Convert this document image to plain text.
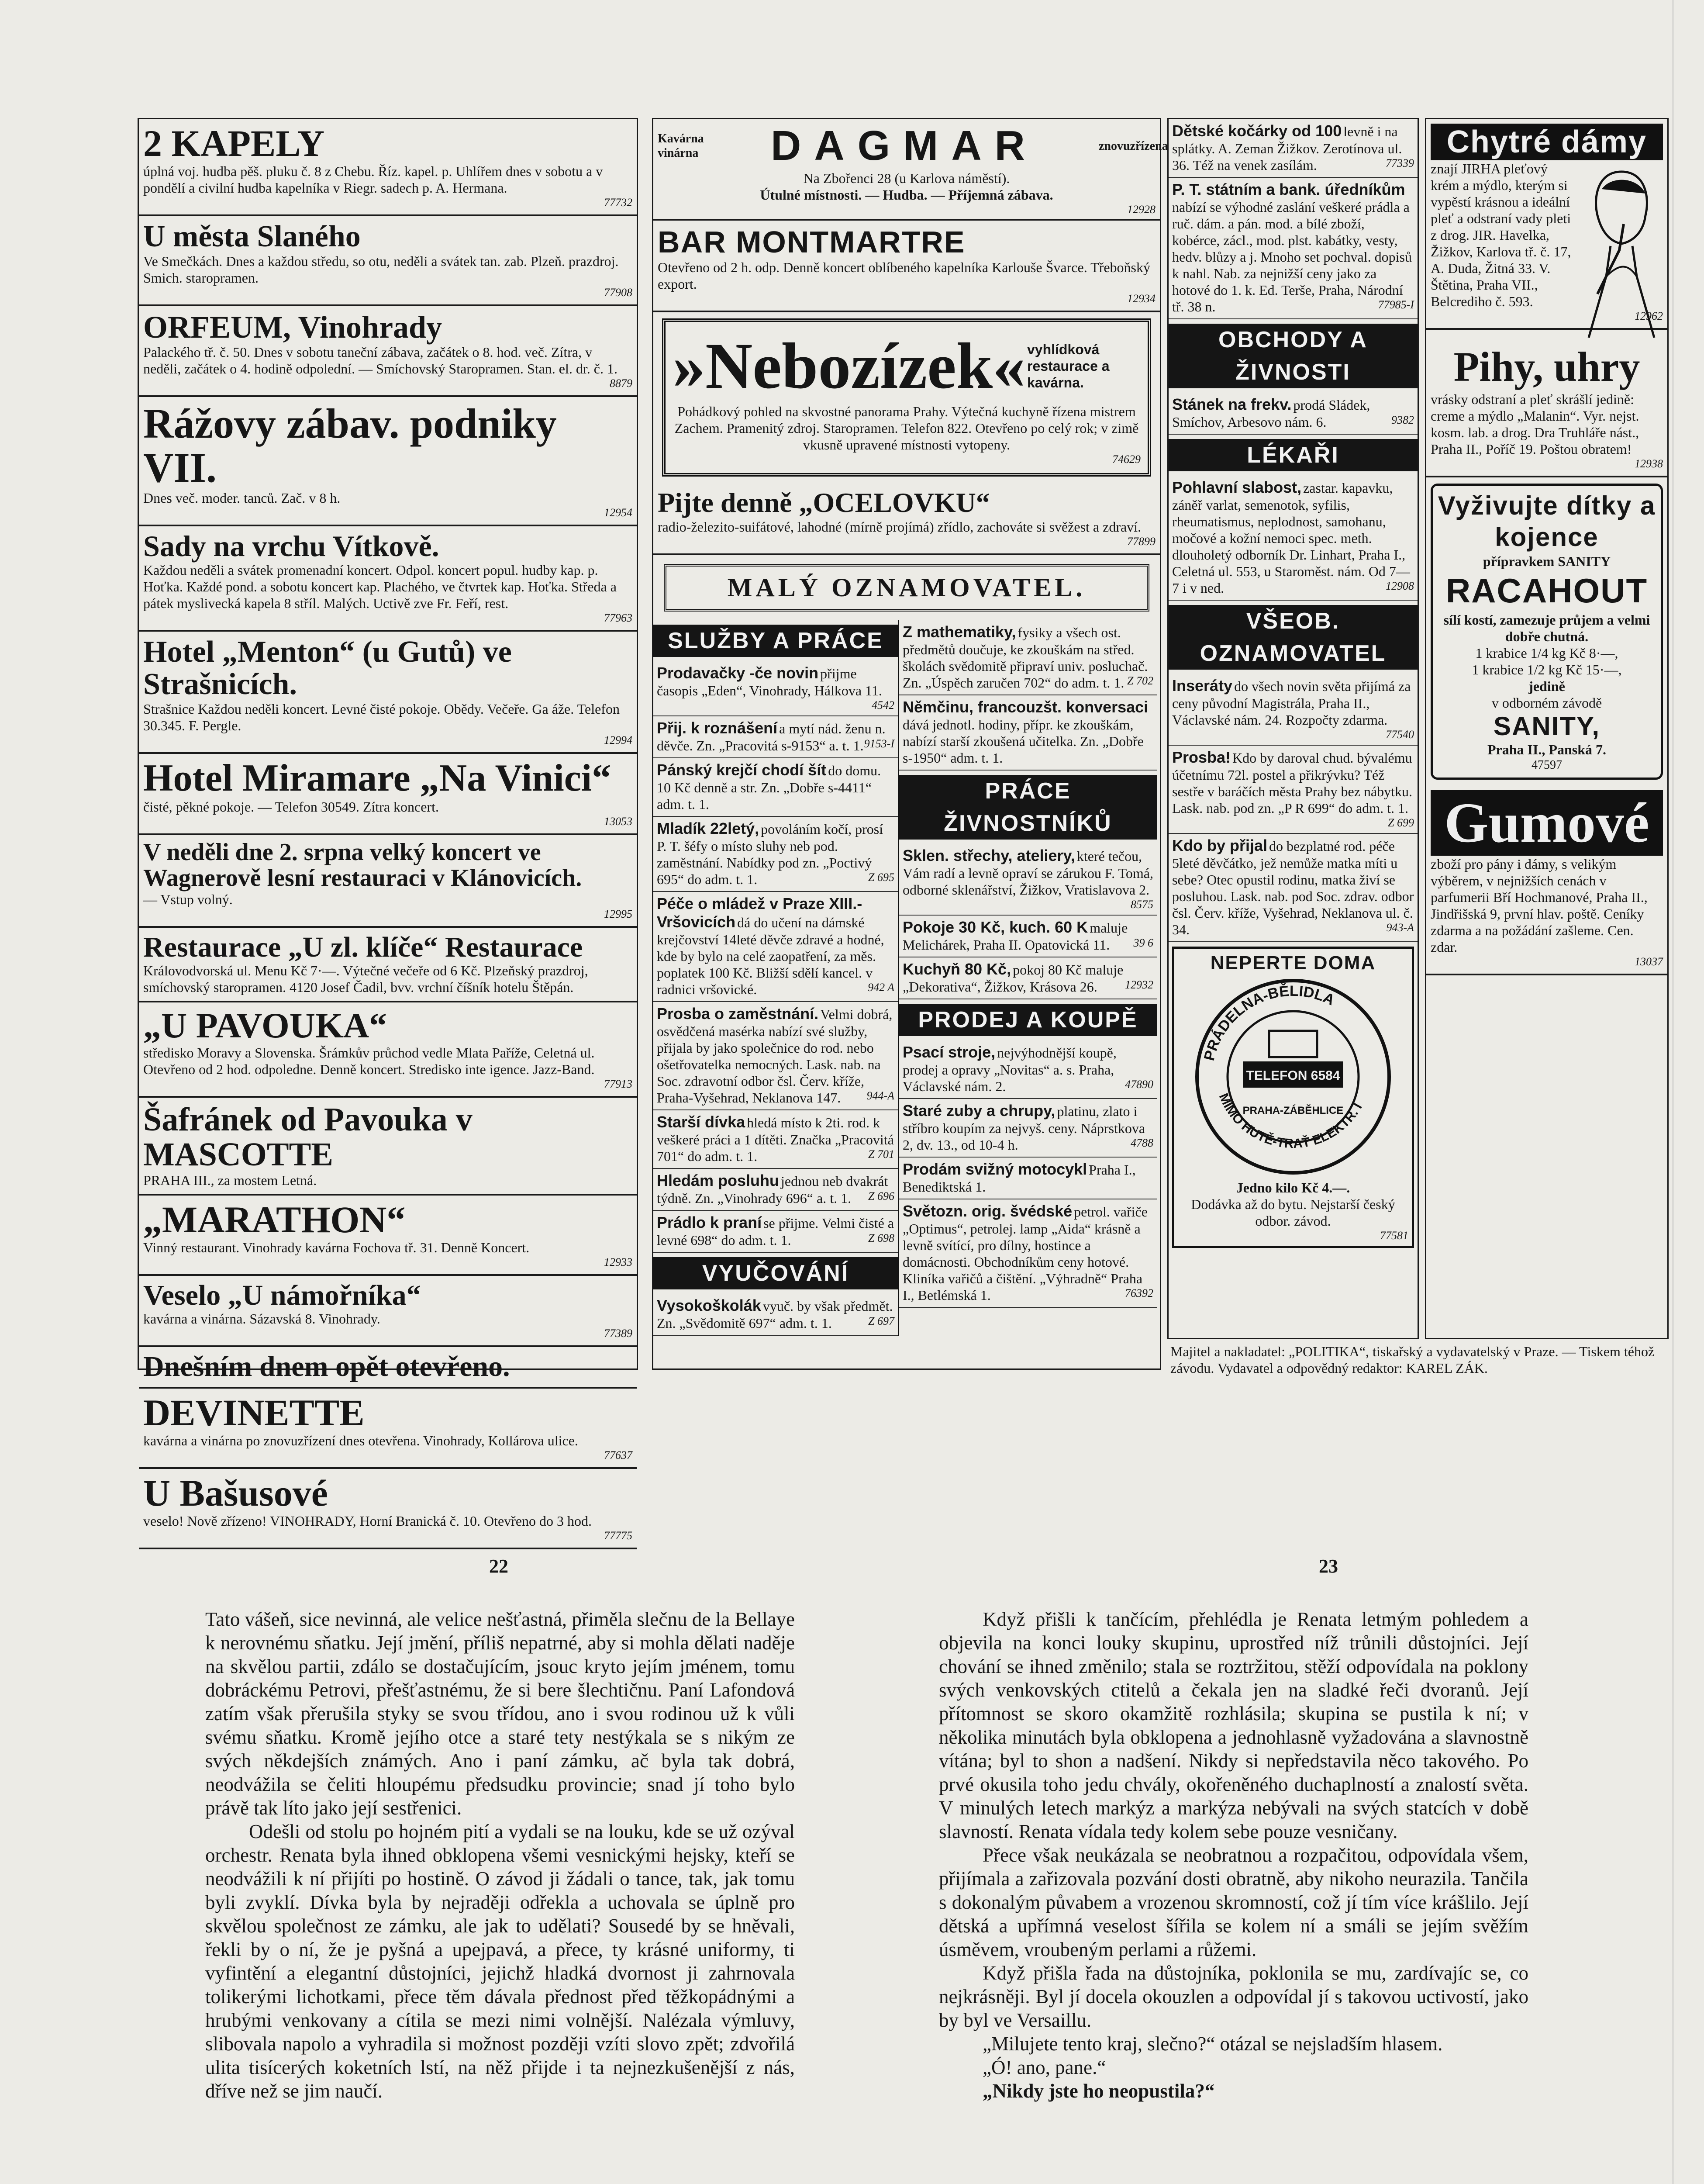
2 KAPELY
úplná voj. hudba pěš. pluku č. 8 z Chebu. Říz. kapel. p. Uhlířem dnes v sobotu a v pondělí a civilní hudba kapelníka v Riegr. sadech p. A. Hermana.
77732
U města Slaného
Ve Smečkách. Dnes a každou středu, so otu, neděli a svátek tan. zab. Plzeň. prazdroj. Smich. staropramen.
77908
ORFEUM, Vinohrady
Palackého tř. č. 50. Dnes v sobotu taneční zábava, začátek o 8. hod. več. Zítra, v neděli, začátek o 4. hodině odpolední. — Smíchovský Staropramen. Stan. el. dr. č. 1.
8879
Rážovy zábav. podniky VII.
Dnes več. moder. tanců. Zač. v 8 h.
12954
Sady na vrchu Vítkově.
Každou neděli a svátek promenadní koncert. Odpol. koncert popul. hudby kap. p. Hoťka. Každé pond. a sobotu koncert kap. Plachého, ve čtvrtek kap. Hoťka. Středa a pátek myslivecká kapela 8 stříl. Malých. Uctivě zve Fr. Feří, rest.
77963
Hotel „Menton“ (u Gutů) ve Strašnicích.
Strašnice Každou neděli koncert. Levné čisté pokoje. Obědy. Večeře. Ga áže. Telefon 30.345. F. Pergle.
12994
Hotel Miramare „Na Vinici“
čisté, pěkné pokoje. — Telefon 30549. Zítra koncert.
13053
V neděli dne 2. srpna velký koncert ve Wagnerově lesní restauraci v Klánovicích.
— Vstup volný.
12995
Restaurace „U zl. klíče“ Restaurace
Královodvorská ul. Menu Kč 7·—. Výtečné večeře od 6 Kč. Plzeňský prazdroj, smíchovský staropramen. 4120 Josef Čadil, bvv. vrchní číšník hotelu Štěpán.
„U PAVOUKA“
středisko Moravy a Slovenska. Šrámkův průchod vedle Mlata Paříže, Celetná ul. Otevřeno od 2 hod. odpoledne. Denně koncert. Stredisko inte igence. Jazz-Band.
77913
Šafránek od Pavouka v MASCOTTE
PRAHA III., za mostem Letná.
„MARATHON“
Vinný restaurant. Vinohrady kavárna Fochova tř. 31. Denně Koncert.
12933
Veselo „U námořníka“
kavárna a vinárna. Sázavská 8. Vinohrady.
77389
Dnešním dnem opět otevřeno.
DEVINETTE
kavárna a vinárna po znovuzřízení dnes otevřena. Vinohrady, Kollárova ulice.
77637
U Bašusové
veselo! Nově zřízeno! VINOHRADY, Horní Branická č. 10. Otevřeno do 3 hod.
77775
Kavárna vinárna DAGMAR	znovuzřízena
Na Zbořenci 28 (u Karlova náměstí).
Útulné místnosti. — Hudba. — Příjemná zábava.
12928
BAR MONTMARTRE
Otevřeno od 2 h. odp. Denně koncert oblíbeného kapelníka Karlouše Švarce. Třeboňský export.
12934
»Nebozízek« vyhlídková restaurace a kavárna.
Pohádkový pohled na skvostné panorama Prahy. Výtečná kuchyně řízena mistrem Zachem. Pramenitý zdroj. Staropramen. Telefon 822. Otevřeno po celý rok; v zimě vkusně upravené místnosti vytopeny.
74629
Pijte denně „OCELOVKU“
radio-železito-suifátové, lahodné (mírně projímá) zřídlo, zachováte si svěžest a zdraví.
77899
MALÝ OZNAMOVATEL.
SLUŽBY A PRÁCE
Prodavačky -če novin přijme časopis „Eden“, Vinohrady, Hálkova 11.
4542
Přij. k roznášení a mytí nád. ženu n. děvče. Zn. „Pracovitá s-9153“ a. t. 1. 9153-I
Pánský krejčí chodí šít do domu. 10 Kč denně a str. Zn. „Dobře s-4411“ adm. t. 1.
Mladík 22letý, povoláním kočí, prosí P. T. šéfy o místo sluhy neb pod. zaměstnání. Nabídky pod zn. „Poctivý 695“ do adm. t. 1.	Z 695
Péče o mládež v Praze XIII.-Vršovicích dá do učení na dámské krejčovství 14leté děvče zdravé a hodné, kde by bylo na celé zaopatření, za měs. poplatek 100 Kč. Bližší sdělí kancel. v radnici vršovické.	942 A
Prosba o zaměstnání. Velmi dobrá, osvědčená masérka nabízí své služby, přijala by jako společnice do rod. nebo ošetřovatelka nemocných. Lask. nab. na Soc. zdravotní odbor čsl. Červ. kříže, Praha-Vyšehrad, Neklanova 147. 944-A
Starší dívka hledá místo k 2ti. rod. k veškeré práci a 1 dítěti. Značka „Pracovitá 701“ do adm. t. 1.	Z 701
Hledám posluhu jednou neb dvakrát týdně. Zn. „Vinohrady 696“ a. t. 1. Z 696
Prádlo k praní se přijme. Velmi čisté a levné 698“ do adm. t. 1.	Z 698
VYUČOVÁNÍ
Vysokoškolák vyuč. by však předmět. Zn. „Svědomitě 697“ adm. t. 1.	Z 697
Z mathematiky, fysiky a všech ost. předmětů doučuje, ke zkouškám na střed. školách svědomitě připraví univ. posluchač. Zn. „Úspěch zaručen 702“ do adm. t. 1. Z 702
Němčinu, francouzšt. konversaci dává jednotl. hodiny, přípr. ke zkouškám, nabízí starší zkoušená učitelka. Zn. „Dobře s-1950“ adm. t. 1.
PRÁCE ŽIVNOSTNÍKŮ
Sklen. střechy, ateliery, které tečou, Vám radí a levně opraví se zárukou F. Tomá, odborné sklenářství, Žižkov, Vratislavova 2.
8575
Pokoje 30 Kč, kuch. 60 K maluje Melichárek, Praha II. Opatovická 11. 39 6
Kuchyň 80 Kč, pokoj 80 Kč maluje „Dekorativa“, Žižkov, Krásova 26. 12932
PRODEJ A KOUPĚ
Psací stroje, nejvýhodnější koupě, prodej a opravy „Novitas“ a. s. Praha, Václavské nám. 2.	47890
Staré zuby a chrupy, platinu, zlato i stříbro koupím za nejvyš. ceny. Náprstkova 2, dv. 13., od 10-4 h.	4788
Prodám svižný motocykl Praha I., Benediktská 1.
Světozn. orig. švédské petrol. vařiče „Optimus“, petrolej. lamp „Aida“ krásně a levně svítící, pro dílny, hostince a domácnosti. Obchodníkům ceny hotové. Kliníka vařičů a čištění. „Výhradně“ Praha I., Betlémská 1.	76392
Dětské kočárky od 100 levně i na splátky. A. Zeman Žižkov. Zerotínova ul. 36. Též na venek zasílám.	77339
P. T. státním a bank. úředníkům nabízí se výhodné zaslání veškeré prádla a ruč. dám. a pán. mod. a bílé zboží, kobérce, zácl., mod. plst. kabátky, vesty, hedv. blůzy a j. Mnoho set pochval. dopisů k nahl. Nab. za nejnižší ceny jako za hotové do 1. k. Ed. Terše, Praha, Národní tř. 38 n.	77985-I
OBCHODY A ŽIVNOSTI
Stánek na frekv. prodá Sládek, Smíchov, Arbesovo nám. 6.	9382
LÉKAŘI
Pohlavní slabost, zastar. kapavku, záněř varlat, semenotok, syfilis, rheumatismus, neplodnost, samohanu, močové a kožní nemoci spec. meth. dlouholetý odborník Dr. Linhart, Praha I., Celetná ul. 553, u Staroměst. nám. Od 7—7 i v ned.	12908
VŠEOB. OZNAMOVATEL
Inseráty do všech novin světa přijímá za ceny původní Magistrála, Praha II., Václavské nám. 24. Rozpočty zdarma.
77540
Prosba! Kdo by daroval chud. bývalému účetnímu 72l. postel a přikrývku? Též sestře v baráčích města Prahy bez nábytku. Lask. nab. pod zn. „P R 699“ do adm. t. 1.
Z 699
Kdo by přijal do bezplatné rod. péče 5leté děvčátko, jež nemůže matka míti u sebe? Otec opustil rodinu, matka živí se posluhou. Lask. nab. pod Soc. zdrav. odbor čsl. Červ. kříže, Vyšehrad, Neklanova ul. č. 34.	943-A
NEPERTE DOMA
PRÁDELNA-BĚLIDLA
MIMO HUTĚ-TRAŤ ELEKTR. I
TELEFON 6584
PRAHA-ZÁBĚHLICE
Jedno kilo Kč 4.—.
Dodávka až do bytu. Nejstarší český odbor. závod.
77581
Chytré dámy
znají JIRHA pleťový krém a mýdlo, kterým si vypěstí krásnou a ideální pleť a odstraní vady pleti z drog. JIR. Havelka, Žižkov, Karlova tř. č. 17, A. Duda, Žitná 33. V. Štětina, Praha VII., Belcrediho č. 593.
12962
Pihy, uhry
vrásky odstraní a pleť skrášlí jedině: creme a mýdlo „Malanin“. Vyr. nejst. kosm. lab. a drog. Dra Truhláře nást., Praha II., Poříč 19. Poštou obratem!
12938
Vyživujte dítky a kojence
přípravkem SANITY
RACAHOUT
sílí kostí, zamezuje průjem a velmi dobře chutná.
1 krabice 1/4 kg Kč 8·—,
1 krabice 1/2 kg Kč 15·—,
jedině
v odborném závodě
SANITY,
Praha II., Panská 7.
47597
Gumové
zboží pro pány i dámy, s velikým výběrem, v nejnižších cenách v parfumerii Bří Hochmanové, Praha II., Jindřišská 9, první hlav. poště. Ceníky zdarma a na požádání zašleme. Cen. zdar.
13037
Majitel a nakladatel: „POLITIKA“, tiskařský a vydavatelský v Praze. — Tiskem téhož závodu. Vydavatel a odpovědný redaktor: KAREL ZÁK.
22	23

Tato vášeň, sice nevinná, ale velice nešťastná, přiměla slečnu de la Bellaye k nerovnému sňatku. Její jmění, příliš nepatrné, aby si mohla dělati naděje na skvělou partii, zdálo se dostačujícím, jsouc kryto jejím jménem, tomu dobráckému Petrovi, přešťastnému, že si bere šlechtičnu. Paní Lafondová zatím však přerušila styky se svou třídou, ano i svou rodinou už k vůli svému sňatku. Kromě jejího otce a staré tety nestýkala se s nikým ze svých někdejších známých. Ano i paní zámku, ač byla tak dobrá, neodvážila se čeliti hloupému předsudku provincie; snad jí toho bylo právě tak líto jako její sestřenici.

Odešli od stolu po hojném pití a vydali se na louku, kde se už ozýval orchestr. Renata byla ihned obklopena všemi vesnickými hejsky, kteří se neodvážili k ní přijíti po hostině. O závod ji žádali o tance, tak, jak tomu byli zvyklí. Dívka byla by nejraději odřekla a uchovala se úplně pro skvělou společnost ze zámku, ale jak to udělati? Sousedé by se hněvali, řekli by o ní, že je pyšná a upejpavá, a přece, ty krásné uniformy, ti vyfintění a elegantní důstojníci, jejichž hladká dvornost ji zahrnovala tolikerými lichotkami, přece těm dávala přednost před těžkopádnými a hrubými venkovany a cítila se mezi nimi volnější. Nalézala výmluvy, slibovala napolo a vyhradila si možnost později vzíti slovo zpět; zdvořilá ulita tisícerých koketních lstí, na něž přijde i ta nejnezkušenější z nás, dříve než se jim naučí.

Když přišli k tančícím, přehlédla je Renata letmým pohledem a objevila na konci louky skupinu, uprostřed níž trůnili důstojníci. Její chování se ihned změnilo; stala se roztržitou, stěží odpovídala na poklony svých venkovských ctitelů a čekala jen na sladké řeči dvoranů. Její přítomnost se skoro okamžitě rozhlásila; skupina se pustila k ní; v několika minutách byla obklopena a jednohlasně vyžadována a slavnostně vítána; byl to shon a nadšení. Nikdy si nepředstavila něco takového. Po prvé okusila toho jedu chvály, okořeněného duchaplností a znalostí světa. V minulých letech markýz a markýza nebývali na svých statcích v době slavností. Renata vídala tedy kolem sebe pouze vesničany.

Přece však neukázala se neobratnou a rozpačitou, odpovídala všem, přijímala a zařizovala pozvání dosti obratně, aby nikoho neurazila. Tančila s dokonalým půvabem a vrozenou skromností, což jí tím více krášlilo. Její dětská a upřímná veselost šířila se kolem ní a smáli se jejím svěžím úsměvem, vroubeným perlami a růžemi.

Když přišla řada na důstojníka, poklonila se mu, zardívajíc se, co nejkrásněji. Byl jí docela okouzlen a odpovídal jí s takovou uctivostí, jako by byl ve Versaillu.

„Milujete tento kraj, slečno?“ otázal se nejsladším hlasem.

„Ó! ano, pane.“

„Nikdy jste ho neopustila?“
